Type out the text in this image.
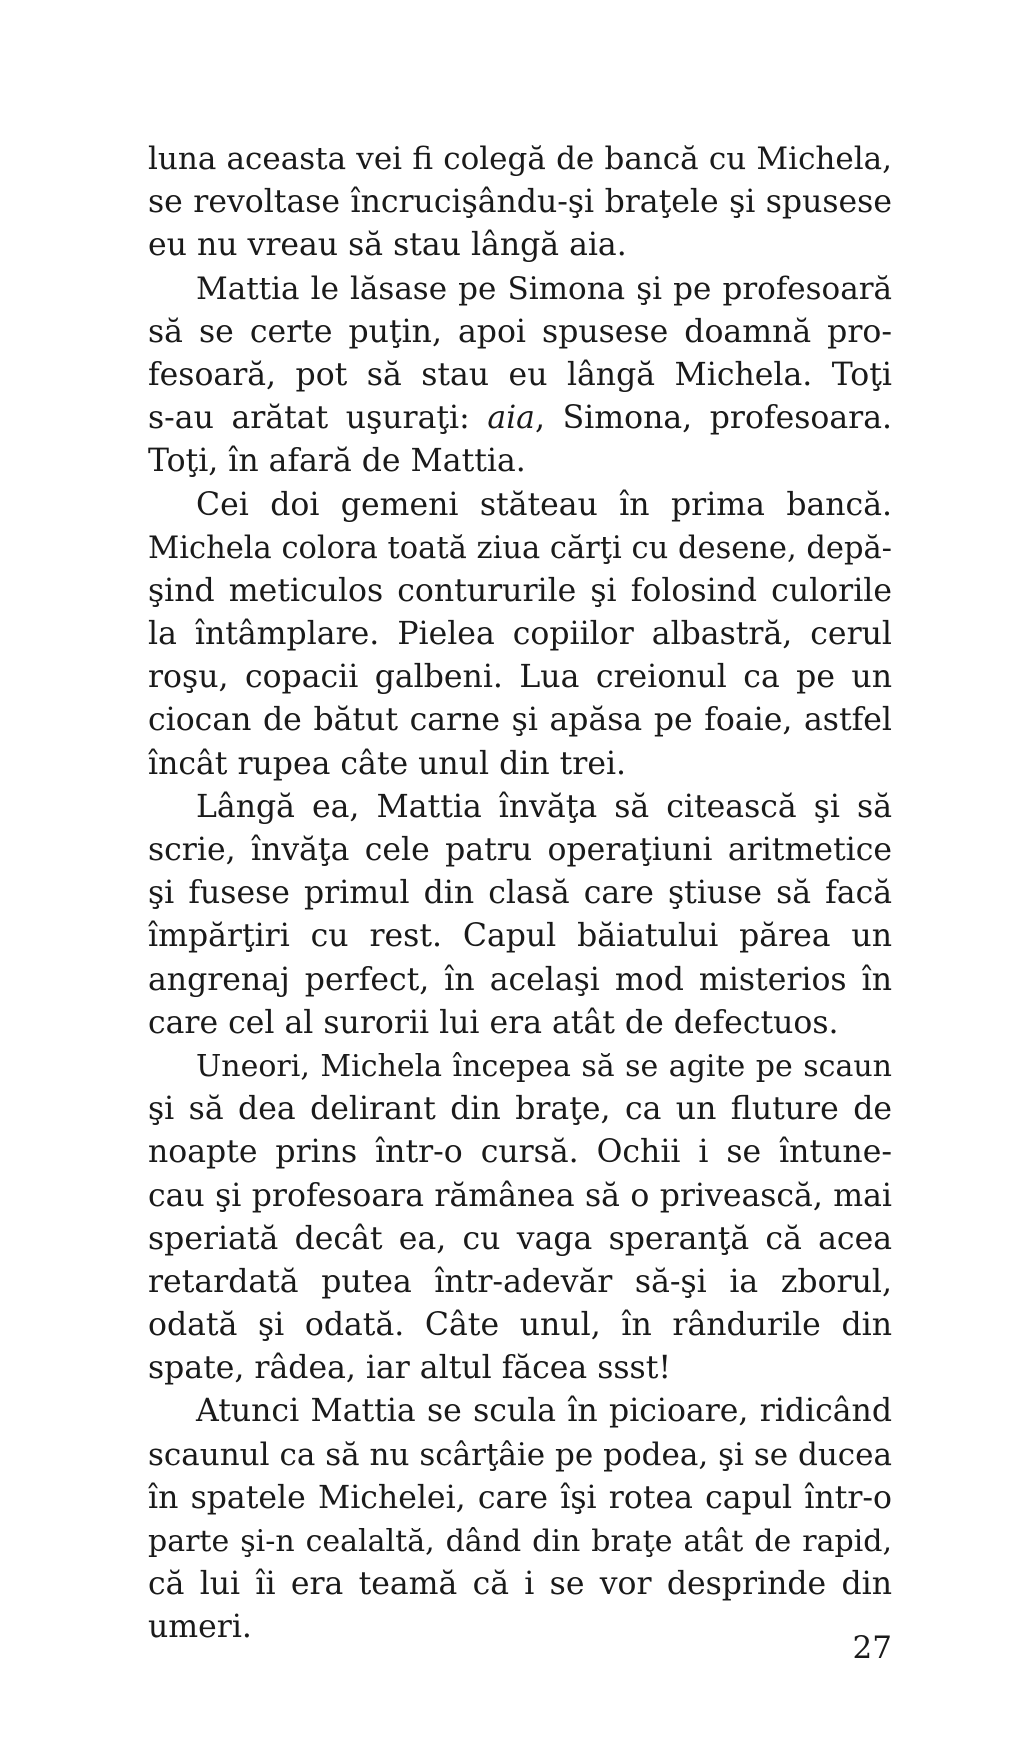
luna aceasta vei fi colegă de bancă cu Michela,
se revoltase încrucişându-şi braţele şi spusese
eu nu vreau să stau lângă aia.
Mattia le lăsase pe Simona şi pe profesoară
să se certe puţin, apoi spusese doamnă pro-
fesoară, pot să stau eu lângă Michela. Toţi
s-au arătat uşuraţi: aia, Simona, profesoara.
Toţi, în afară de Mattia.
Cei doi gemeni stăteau în prima bancă.
Michela colora toată ziua cărţi cu desene, depă-
şind meticulos contururile şi folosind culorile
la întâmplare. Pielea copiilor albastră, cerul
roşu, copacii galbeni. Lua creionul ca pe un
ciocan de bătut carne şi apăsa pe foaie, astfel
încât rupea câte unul din trei.
Lângă ea, Mattia învăţa să citească şi să
scrie, învăţa cele patru operaţiuni aritmetice
şi fusese primul din clasă care ştiuse să facă
împărţiri cu rest. Capul băiatului părea un
angrenaj perfect, în acelaşi mod misterios în
care cel al surorii lui era atât de defectuos.
Uneori, Michela începea să se agite pe scaun
şi să dea delirant din braţe, ca un fluture de
noapte prins într-o cursă. Ochii i se întune-
cau şi profesoara rămânea să o privească, mai
speriată decât ea, cu vaga speranţă că acea
retardată putea într-adevăr să-şi ia zborul,
odată şi odată. Câte unul, în rândurile din
spate, râdea, iar altul făcea ssst!
Atunci Mattia se scula în picioare, ridicând
scaunul ca să nu scârţâie pe podea, şi se ducea
în spatele Michelei, care îşi rotea capul într-o
parte şi-n cealaltă, dând din braţe atât de rapid,
că lui îi era teamă că i se vor desprinde din
umeri.
27
